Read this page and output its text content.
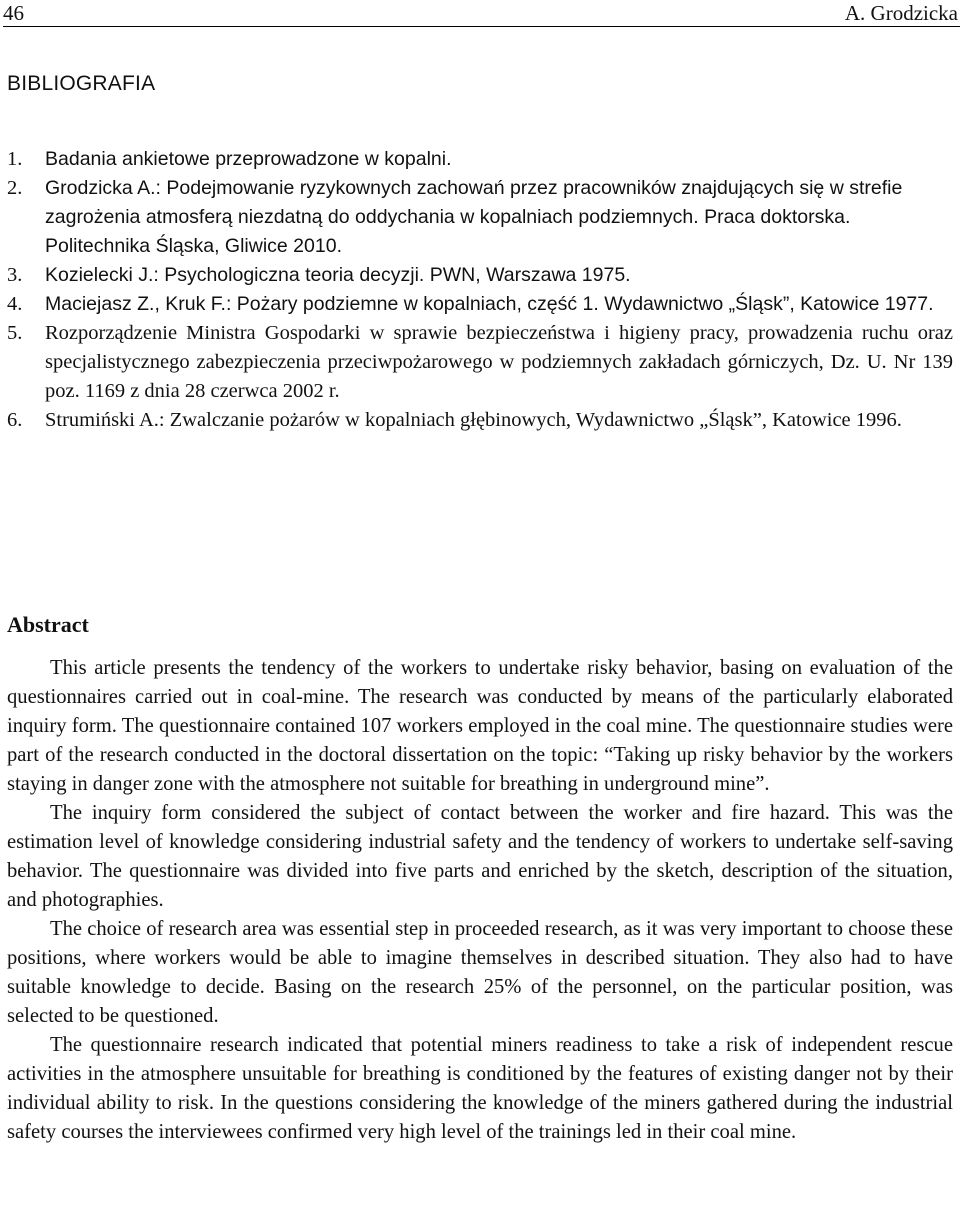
46	A. Grodzicka
BIBLIOGRAFIA
1.	Badania ankietowe przeprowadzone w kopalni.
2.	Grodzicka A.: Podejmowanie ryzykownych zachowań przez pracowników znajdujących się w strefie zagrożenia atmosferą niezdatną do oddychania w kopalniach podziemnych. Praca doktorska. Politechnika Śląska, Gliwice 2010.
3.	Kozielecki J.: Psychologiczna teoria decyzji. PWN, Warszawa 1975.
4.	Maciejasz Z., Kruk F.: Pożary podziemne w kopalniach, część 1. Wydawnictwo „Śląsk”, Katowice 1977.
5.	Rozporządzenie Ministra Gospodarki w sprawie bezpieczeństwa i higieny pracy, prowadzenia ruchu oraz specjalistycznego zabezpieczenia przeciwpożarowego w podziemnych zakładach górniczych, Dz. U. Nr 139 poz. 1169 z dnia 28 czerwca 2002 r.
6.	Strumiński A.: Zwalczanie pożarów w kopalniach głębinowych, Wydawnictwo „Śląsk”, Katowice 1996.
Abstract

This article presents the tendency of the workers to undertake risky behavior, basing on evaluation of the questionnaires carried out in coal-mine. The research was conducted by means of the particularly elaborated inquiry form. The questionnaire contained 107 workers employed in the coal mine. The questionnaire studies were part of the research conducted in the doctoral dissertation on the topic: “Taking up risky behavior by the workers staying in danger zone with the atmosphere not suitable for breathing in underground mine”.

The inquiry form considered the subject of contact between the worker and fire hazard. This was the estimation level of knowledge considering industrial safety and the tendency of workers to undertake self-saving behavior. The questionnaire was divided into five parts and enriched by the sketch, description of the situation, and photographies.

The choice of research area was essential step in proceeded research, as it was very important to choose these positions, where workers would be able to imagine themselves in described situation. They also had to have suitable knowledge to decide. Basing on the research 25% of the personnel, on the particular position, was selected to be questioned.

The questionnaire research indicated that potential miners readiness to take a risk of independent rescue activities in the atmosphere unsuitable for breathing is conditioned by the features of existing danger not by their individual ability to risk. In the questions considering the knowledge of the miners gathered during the industrial safety courses the interviewees confirmed very high level of the trainings led in their coal mine.
